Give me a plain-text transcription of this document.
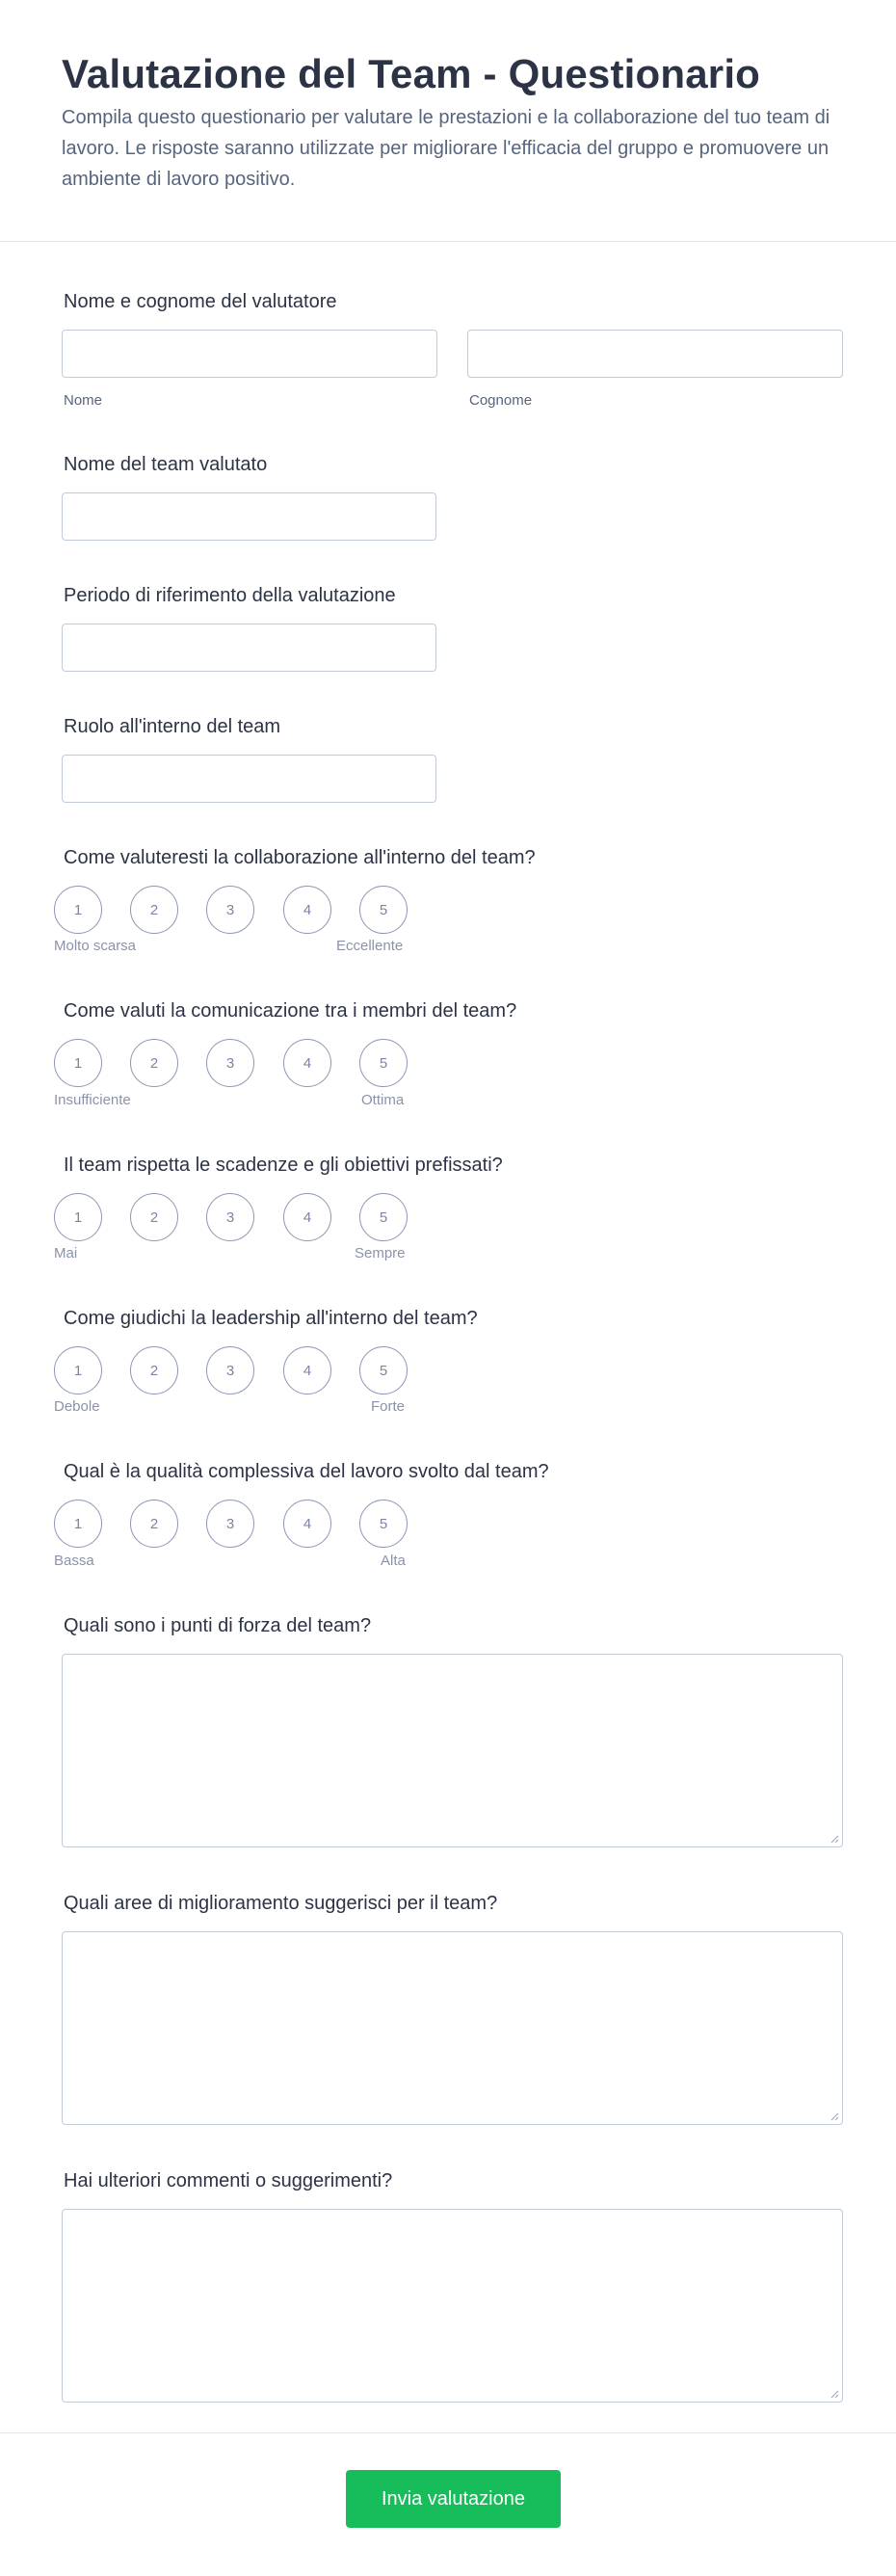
Valutazione del Team - Questionario

Compila questo questionario per valutare le prestazioni e la collaborazione del tuo team di lavoro. Le risposte saranno utilizzate per migliorare l'efficacia del gruppo e promuovere un ambiente di lavoro positivo.

Nome e cognome del valutatore
Nome	Cognome
Nome del team valutato
Periodo di riferimento della valutazione
Ruolo all'interno del team
Come valuteresti la collaborazione all'interno del team?
1	2	3	4	5
Molto scarsa	Eccellente
Come valuti la comunicazione tra i membri del team?
1	2	3	4	5
Insufficiente	Ottima
Il team rispetta le scadenze e gli obiettivi prefissati?
1	2	3	4	5
Mai	Sempre
Come giudichi la leadership all'interno del team?
1	2	3	4	5
Debole	Forte
Qual è la qualità complessiva del lavoro svolto dal team?
1	2	3	4	5
Bassa	Alta
Quali sono i punti di forza del team?
Quali aree di miglioramento suggerisci per il team?
Hai ulteriori commenti o suggerimenti?
Invia valutazione
